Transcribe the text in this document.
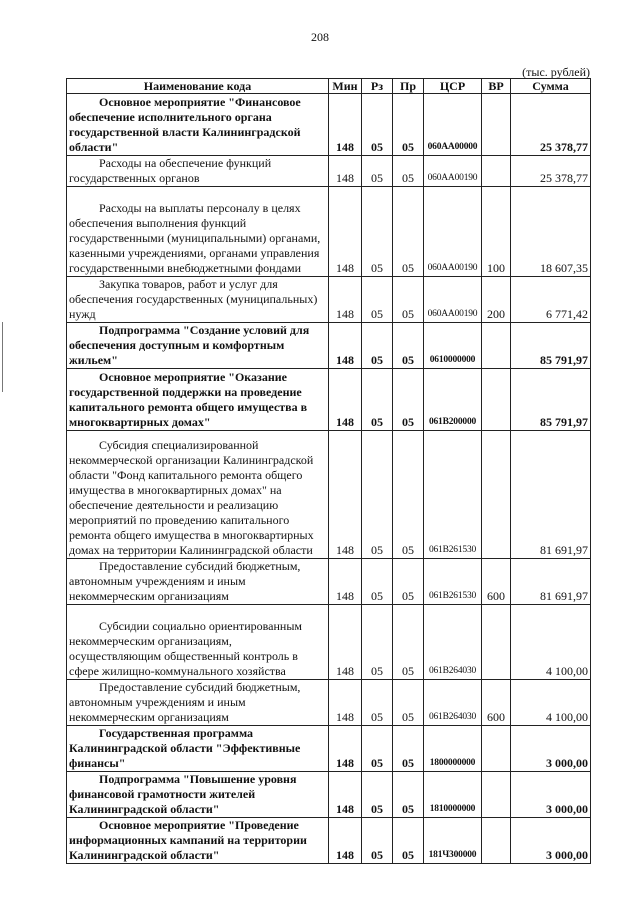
208
(тыс. рублей)
Наименование кода	Мин	Рз	Пр	ЦСР	ВР	Сумма

Основное мероприятие "Финансовое обеспечение исполнительного органа государственной власти Калининградской области"	148	05	05	060АА00000		25 378,77

Расходы на обеспечение функций государственных органов	148	05	05	060АА00190		25 378,77

Расходы на выплаты персоналу в целях обеспечения выполнения функций государственными (муниципальными) органами, казенными учреждениями, органами управления государственными внебюджетными фондами	148	05	05	060АА00190	100	18 607,35

Закупка товаров, работ и услуг для обеспечения государственных (муниципальных) нужд	148	05	05	060АА00190	200	6 771,42

Подпрограмма "Создание условий для обеспечения доступным и комфортным жильем"	148	05	05	0610000000		85 791,97

Основное мероприятие "Оказание государственной поддержки на проведение капитального ремонта общего имущества в многоквартирных домах"	148	05	05	061В200000		85 791,97

Субсидия специализированной некоммерческой организации Калининградской области "Фонд капитального ремонта общего имущества в многоквартирных домах" на обеспечение деятельности и реализацию мероприятий по проведению капитального ремонта общего имущества в многоквартирных домах на территории Калининградской области	148	05	05	061В261530		81 691,97

Предоставление субсидий бюджетным, автономным учреждениям и иным некоммерческим организациям	148	05	05	061В261530	600	81 691,97

Субсидии социально ориентированным некоммерческим организациям, осуществляющим общественный контроль в сфере жилищно-коммунального хозяйства	148	05	05	061В264030		4 100,00

Предоставление субсидий бюджетным, автономным учреждениям и иным некоммерческим организациям	148	05	05	061В264030	600	4 100,00

Государственная программа Калининградской области "Эффективные финансы"	148	05	05	1800000000		3 000,00

Подпрограмма "Повышение уровня финансовой грамотности жителей Калининградской области"	148	05	05	1810000000		3 000,00

Основное мероприятие "Проведение информационных кампаний на территории Калининградской области"	148	05	05	181Ч300000		3 000,00
